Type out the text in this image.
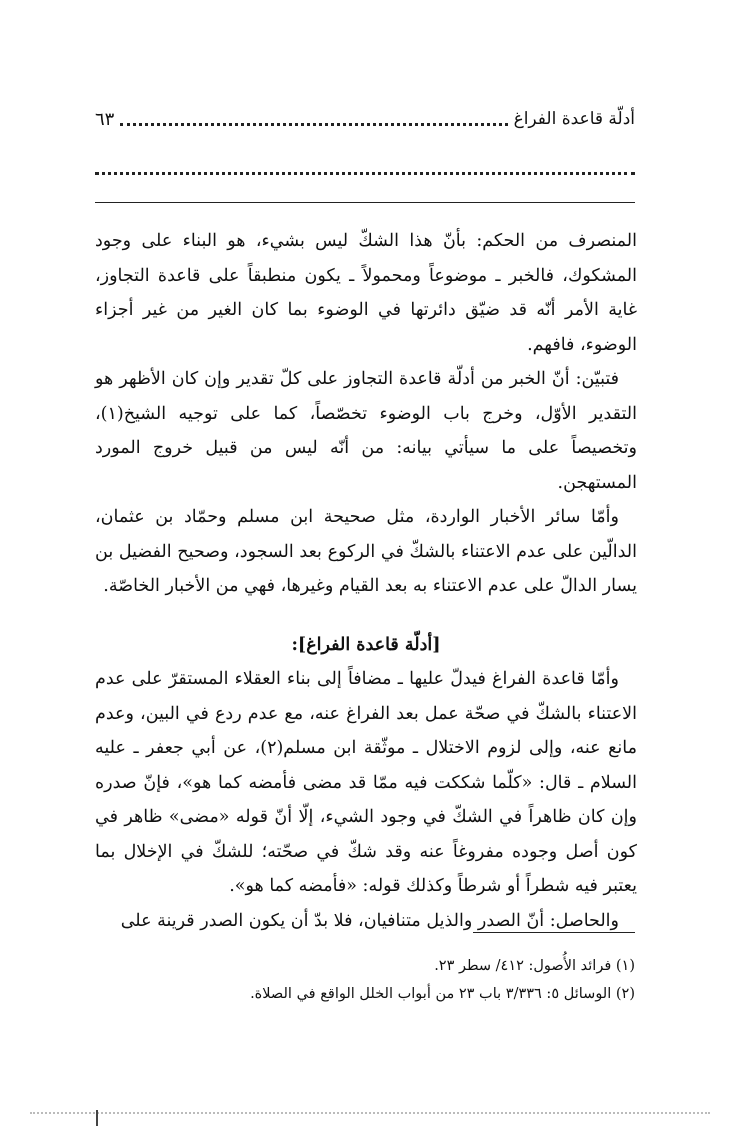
أدلّة قاعدة الفراغ
٦٣

المنصرف من الحكم: بأنّ هذا الشكّ ليس بشيء، هو البناء على وجود المشكوك، فالخبر ـ موضوعاً ومحمولاً ـ يكون منطبقاً على قاعدة التجاوز، غاية الأمر أنّه قد ضيّق دائرتها في الوضوء بما كان الغير من غير أجزاء الوضوء، فافهم.

فتبيّن: أنّ الخبر من أدلّة قاعدة التجاوز على كلّ تقدير وإن كان الأظهر هو التقدير الأوّل، وخرج باب الوضوء تخصّصاً، كما على توجيه الشيخ(١)، وتخصيصاً على ما سيأتي بيانه: من أنّه ليس من قبيل خروج المورد المستهجن.

وأمّا سائر الأخبار الواردة، مثل صحيحة ابن مسلم وحمّاد بن عثمان، الدالّين على عدم الاعتناء بالشكّ في الركوع بعد السجود، وصحيح الفضيل بن يسار الدالّ على عدم الاعتناء به بعد القيام وغيرها، فهي من الأخبار الخاصّة.

[أدلّة قاعدة الفراغ]:

وأمّا قاعدة الفراغ فيدلّ عليها ـ مضافاً إلى بناء العقلاء المستقرّ على عدم الاعتناء بالشكّ في صحّة عمل بعد الفراغ عنه، مع عدم ردع في البين، وعدم مانع عنه، وإلى لزوم الاختلال ـ موثّقة ابن مسلم(٢)، عن أبي جعفر ـ عليه السلام ـ قال: «كلّما شككت فيه ممّا قد مضى فأمضه كما هو»، فإنّ صدره وإن كان ظاهراً في الشكّ في وجود الشيء، إلّا أنّ قوله «مضى» ظاهر في كون أصل وجوده مفروغاً عنه وقد شكّ في صحّته؛ للشكّ في الإخلال بما يعتبر فيه شطراً أو شرطاً وكذلك قوله: «فأمضه كما هو».

والحاصل: أنّ الصدر والذيل متنافيان، فلا بدّ أن يكون الصدر قرينة على

(١) فرائد الأُصول: ٤١٢/ سطر ٢٣.

(٢) الوسائل ٥: ٣/٣٣٦ باب ٢٣ من أبواب الخلل الواقع في الصلاة.
